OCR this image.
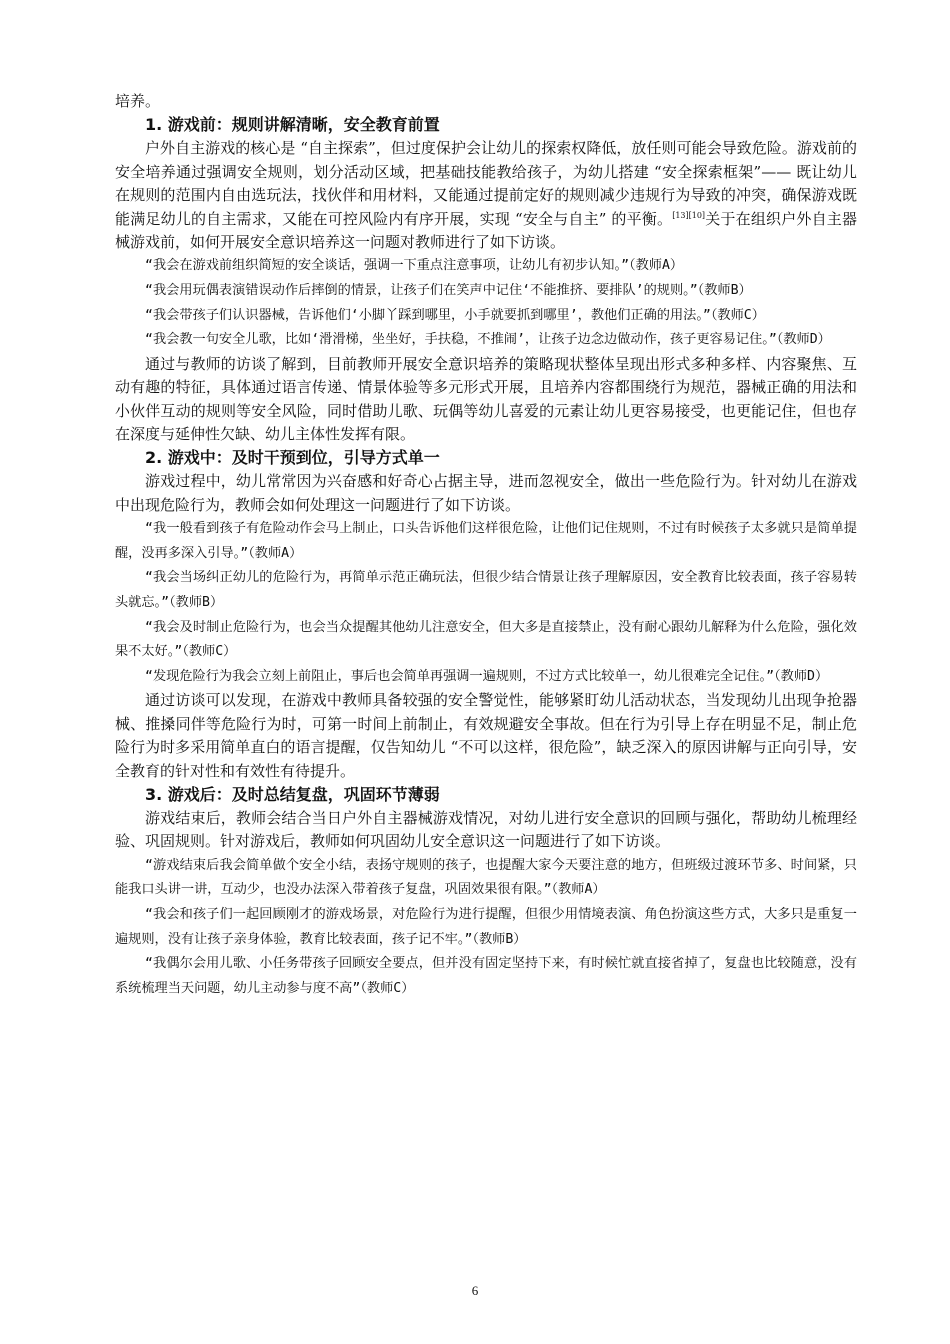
培养。

1. 游戏前：规则讲解清晰，安全教育前置

户外自主游戏的核心是 “自主探索”，但过度保护会让幼儿的探索权降低，放任则可能会导致危险。游戏前的安全培养通过强调安全规则，划分活动区域，把基础技能教给孩子，为幼儿搭建 “安全探索框架”—— 既让幼儿在规则的范围内自由选玩法，找伙伴和用材料，又能通过提前定好的规则减少违规行为导致的冲突，确保游戏既能满足幼儿的自主需求，又能在可控风险内有序开展，实现 “安全与自主” 的平衡。[13][10]关于在组织户外自主器械游戏前，如何开展安全意识培养这一问题对教师进行了如下访谈。

“我会在游戏前组织简短的安全谈话，强调一下重点注意事项，让幼儿有初步认知。”（教师A）

“我会用玩偶表演错误动作后摔倒的情景，让孩子们在笑声中记住‘不能推挤、要排队’的规则。”（教师B）

“我会带孩子们认识器械，告诉他们‘小脚丫踩到哪里，小手就要抓到哪里’，教他们正确的用法。”（教师C）

“我会教一句安全儿歌，比如‘滑滑梯，坐坐好，手扶稳，不推闹’，让孩子边念边做动作，孩子更容易记住。”（教师D）

通过与教师的访谈了解到，目前教师开展安全意识培养的策略现状整体呈现出形式多种多样、内容聚焦、互动有趣的特征，具体通过语言传递、情景体验等多元形式开展，且培养内容都围绕行为规范，器械正确的用法和小伙伴互动的规则等安全风险，同时借助儿歌、玩偶等幼儿喜爱的元素让幼儿更容易接受，也更能记住，但也存在深度与延伸性欠缺、幼儿主体性发挥有限。

2. 游戏中：及时干预到位，引导方式单一

游戏过程中，幼儿常常因为兴奋感和好奇心占据主导，进而忽视安全，做出一些危险行为。针对幼儿在游戏中出现危险行为，教师会如何处理这一问题进行了如下访谈。

“我一般看到孩子有危险动作会马上制止，口头告诉他们这样很危险，让他们记住规则，不过有时候孩子太多就只是简单提醒，没再多深入引导。”（教师A）

“我会当场纠正幼儿的危险行为，再简单示范正确玩法，但很少结合情景让孩子理解原因，安全教育比较表面，孩子容易转头就忘。”（教师B）

“我会及时制止危险行为，也会当众提醒其他幼儿注意安全，但大多是直接禁止，没有耐心跟幼儿解释为什么危险，强化效果不太好。”（教师C）

“发现危险行为我会立刻上前阻止，事后也会简单再强调一遍规则，不过方式比较单一，幼儿很难完全记住。”（教师D）

通过访谈可以发现，在游戏中教师具备较强的安全警觉性，能够紧盯幼儿活动状态，当发现幼儿出现争抢器械、推搡同伴等危险行为时，可第一时间上前制止，有效规避安全事故。但在行为引导上存在明显不足，制止危险行为时多采用简单直白的语言提醒，仅告知幼儿 “不可以这样，很危险”，缺乏深入的原因讲解与正向引导，安全教育的针对性和有效性有待提升。

3. 游戏后：及时总结复盘，巩固环节薄弱

游戏结束后，教师会结合当日户外自主器械游戏情况，对幼儿进行安全意识的回顾与强化，帮助幼儿梳理经验、巩固规则。针对游戏后，教师如何巩固幼儿安全意识这一问题进行了如下访谈。

“游戏结束后我会简单做个安全小结，表扬守规则的孩子，也提醒大家今天要注意的地方，但班级过渡环节多、时间紧，只能我口头讲一讲，互动少，也没办法深入带着孩子复盘，巩固效果很有限。”（教师A）

“我会和孩子们一起回顾刚才的游戏场景，对危险行为进行提醒，但很少用情境表演、角色扮演这些方式，大多只是重复一遍规则，没有让孩子亲身体验，教育比较表面，孩子记不牢。”（教师B）

“我偶尔会用儿歌、小任务带孩子回顾安全要点，但并没有固定坚持下来，有时候忙就直接省掉了，复盘也比较随意，没有系统梳理当天问题，幼儿主动参与度不高”（教师C）

6
